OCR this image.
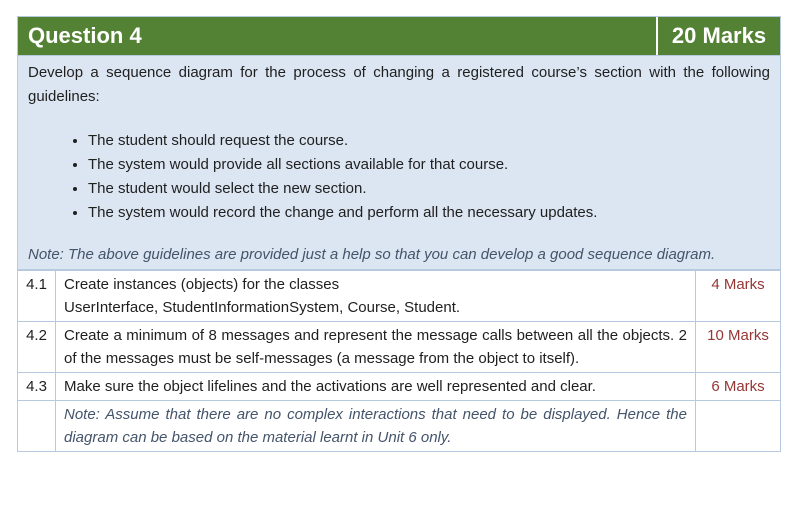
Question 4	20 Marks

Develop a sequence diagram for the process of changing a registered course’s section with the following guidelines:

• The student should request the course.
• The system would provide all sections available for that course.
• The student would select the new section.
• The system would record the change and perform all the necessary updates.

Note: The above guidelines are provided just a help so that you can develop a good sequence diagram.

4.1	Create instances (objects) for the classes
UserInterface, StudentInformationSystem, Course, Student.	4 Marks
4.2	Create a minimum of 8 messages and represent the message calls between all the objects. 2 of the messages must be self-messages (a message from the object to itself).	10 Marks
4.3	Make sure the object lifelines and the activations are well represented and clear.	6 Marks
	Note: Assume that there are no complex interactions that need to be displayed. Hence the diagram can be based on the material learnt in Unit 6 only.	
